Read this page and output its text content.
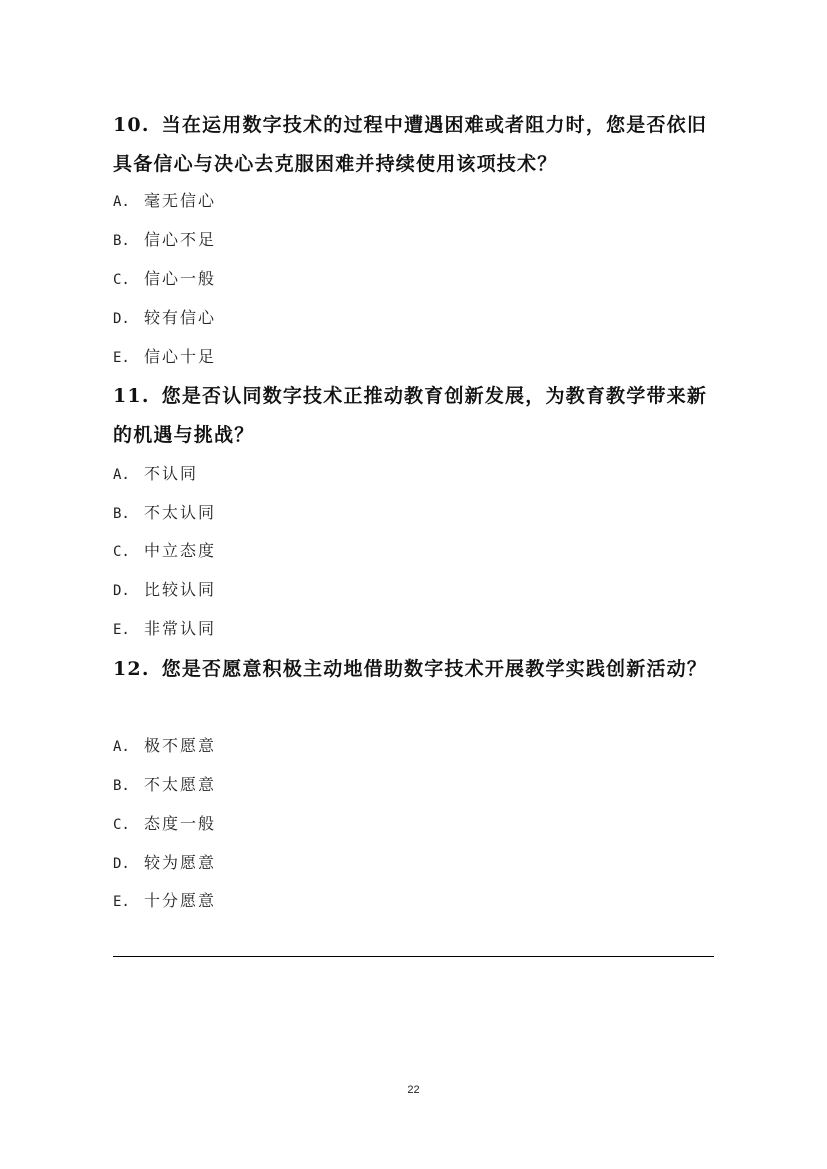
10. 当在运用数字技术的过程中遭遇困难或者阻力时，您是否依旧具备信心与决心去克服困难并持续使用该项技术？

A. 毫无信心
B. 信心不足
C. 信心一般
D. 较有信心
E. 信心十足

11. 您是否认同数字技术正推动教育创新发展，为教育教学带来新的机遇与挑战？

A. 不认同
B. 不太认同
C. 中立态度
D. 比较认同
E. 非常认同

12. 您是否愿意积极主动地借助数字技术开展教学实践创新活动？

A. 极不愿意
B. 不太愿意
C. 态度一般
D. 较为愿意
E. 十分愿意
22
